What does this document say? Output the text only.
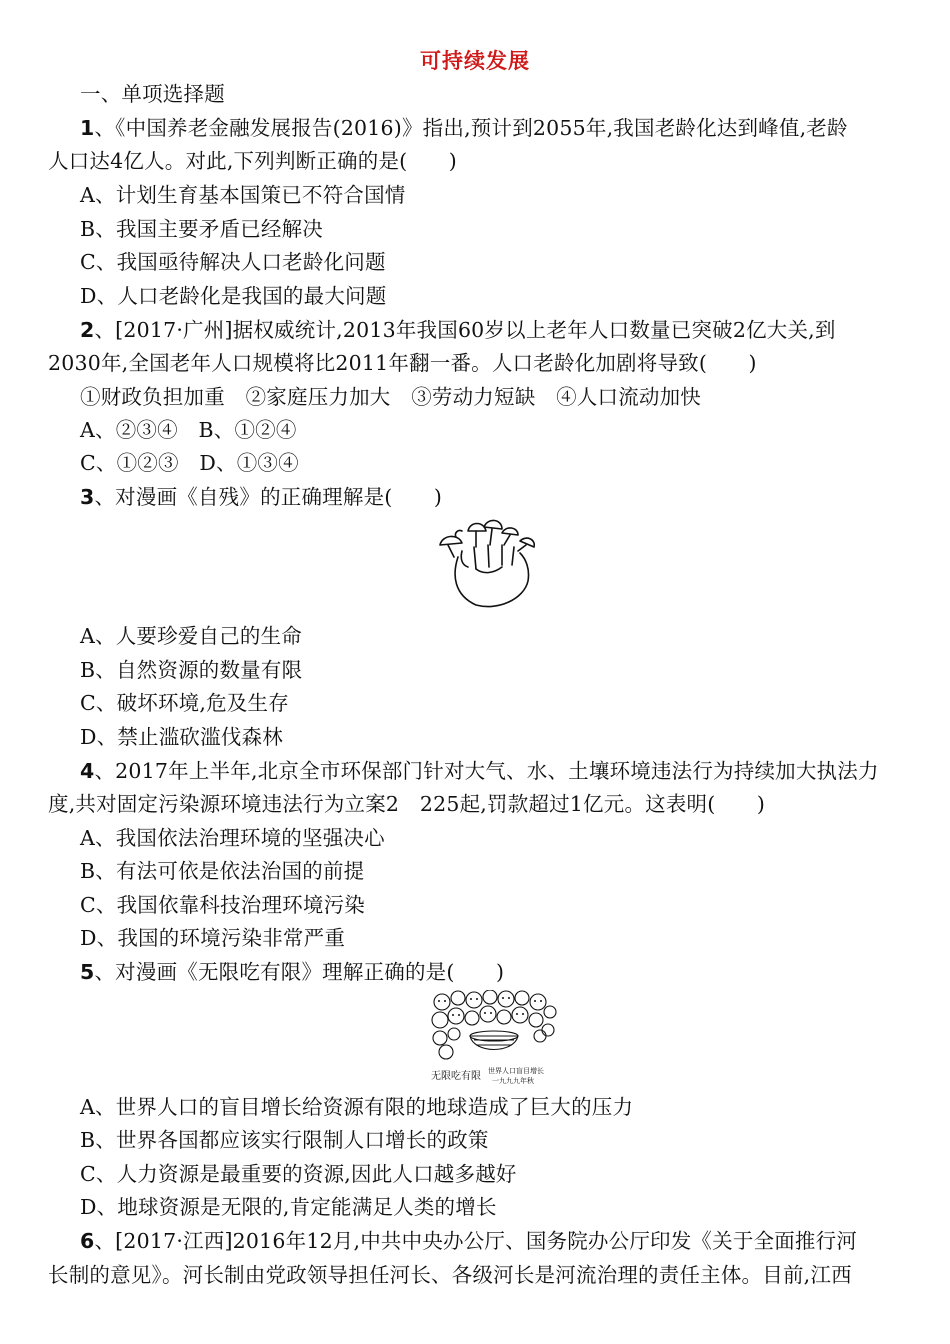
可持续发展
一、单项选择题
1、《中国养老金融发展报告(2016)》指出,预计到2055年,我国老龄化达到峰值,老龄
人口达4亿人。对此,下列判断正确的是(　　)
A、计划生育基本国策已不符合国情
B、我国主要矛盾已经解决
C、我国亟待解决人口老龄化问题
D、人口老龄化是我国的最大问题
2、[2017·广州]据权威统计,2013年我国60岁以上老年人口数量已突破2亿大关,到
2030年,全国老年人口规模将比2011年翻一番。人口老龄化加剧将导致(　　)
①财政负担加重　②家庭压力加大　③劳动力短缺　④人口流动加快
A、②③④　B、①②④
C、①②③　D、①③④
3、对漫画《自残》的正确理解是(　　)
A、人要珍爱自己的生命
B、自然资源的数量有限
C、破坏环境,危及生存
D、禁止滥砍滥伐森林
4、2017年上半年,北京全市环保部门针对大气、水、土壤环境违法行为持续加大执法力
度,共对固定污染源环境违法行为立案2　225起,罚款超过1亿元。这表明(　　)
A、我国依法治理环境的坚强决心
B、有法可依是依法治国的前提
C、我国依靠科技治理环境污染
D、我国的环境污染非常严重
5、对漫画《无限吃有限》理解正确的是(　　)
无限吃有限 世界人口盲目增长
一九九九年秋
A、世界人口的盲目增长给资源有限的地球造成了巨大的压力
B、世界各国都应该实行限制人口增长的政策
C、人力资源是最重要的资源,因此人口越多越好
D、地球资源是无限的,肯定能满足人类的增长
6、[2017·江西]2016年12月,中共中央办公厅、国务院办公厅印发《关于全面推行河
长制的意见》。河长制由党政领导担任河长、各级河长是河流治理的责任主体。目前,江西
